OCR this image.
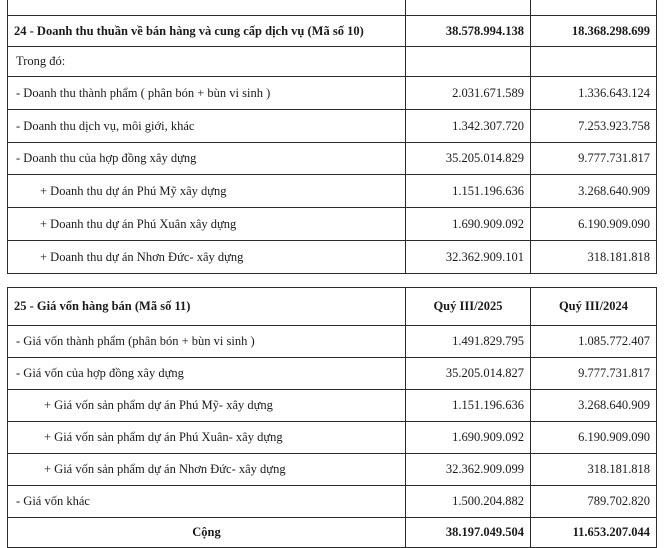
24 - Doanh thu thuần về bán hàng và cung cấp dịch vụ (Mã số 10)	38.578.994.138	18.368.298.699
Trong đó:		
- Doanh thu thành phẩm ( phân bón + bùn vi sinh )	2.031.671.589	1.336.643.124
- Doanh thu dịch vụ, môi giới, khác	1.342.307.720	7.253.923.758
- Doanh thu của hợp đồng xây dựng	35.205.014.829	9.777.731.817
+ Doanh thu dự án Phú Mỹ xây dựng	1.151.196.636	3.268.640.909
+ Doanh thu dự án Phú Xuân xây dựng	1.690.909.092	6.190.909.090
+ Doanh thu dự án Nhơn Đức- xây dựng	32.362.909.101	318.181.818
25 - Giá vốn hàng bán (Mã số 11)	Quý III/2025	Quý III/2024
- Giá vốn thành phẩm (phân bón + bùn vi sinh )	1.491.829.795	1.085.772.407
- Giá vốn của hợp đồng xây dựng	35.205.014.827	9.777.731.817
+ Giá vốn sản phẩm dự án Phú Mỹ- xây dựng	1.151.196.636	3.268.640.909
+ Giá vốn sản phẩm dự án Phú Xuân- xây dựng	1.690.909.092	6.190.909.090
+ Giá vốn sản phẩm dự án Nhơn Đức- xây dựng	32.362.909.099	318.181.818
- Giá vốn khác	1.500.204.882	789.702.820
Cộng	38.197.049.504	11.653.207.044
